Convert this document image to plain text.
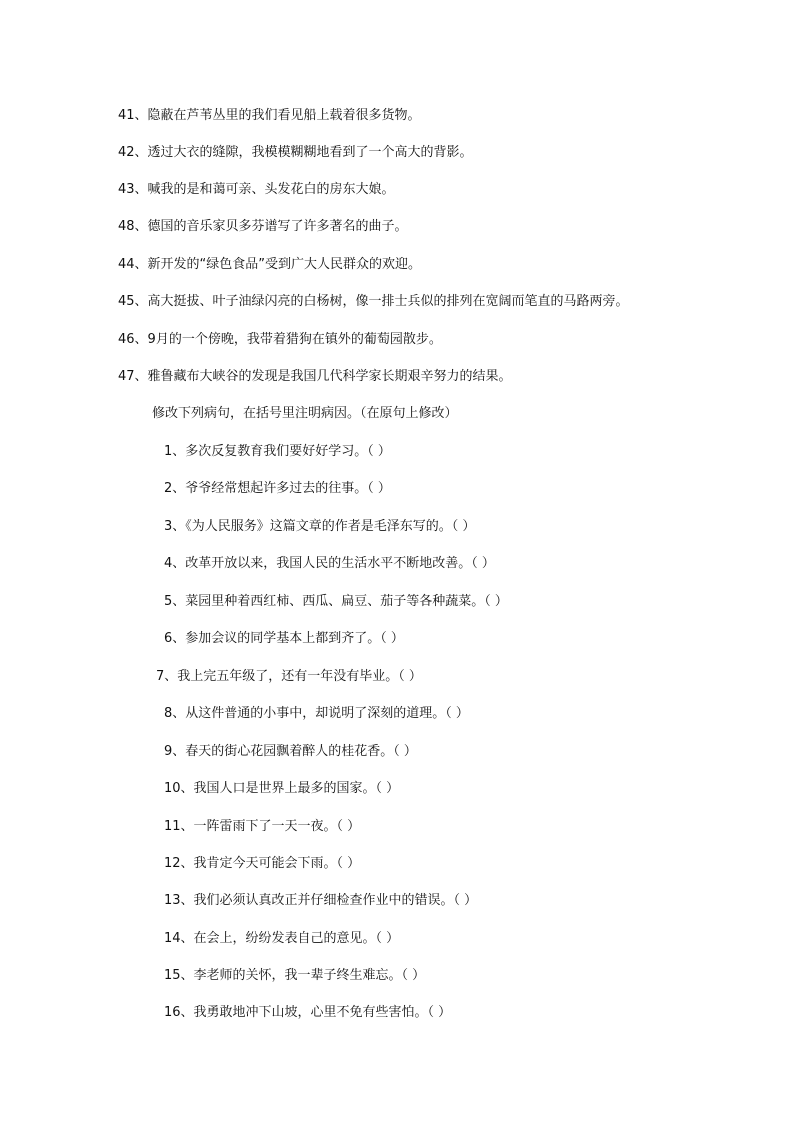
41、隐蔽在芦苇丛里的我们看见船上载着很多货物。
42、透过大衣的缝隙，我模模糊糊地看到了一个高大的背影。
43、喊我的是和蔼可亲、头发花白的房东大娘。
48、德国的音乐家贝多芬谱写了许多著名的曲子。
44、新开发的“绿色食品”受到广大人民群众的欢迎。
45、高大挺拔、叶子油绿闪亮的白杨树，像一排士兵似的排列在宽阔而笔直的马路两旁。
46、9月的一个傍晚，我带着猎狗在镇外的葡萄园散步。
47、雅鲁藏布大峡谷的发现是我国几代科学家长期艰辛努力的结果。
修改下列病句，在括号里注明病因。（在原句上修改）
1、多次反复教育我们要好好学习。（ ）
2、爷爷经常想起许多过去的往事。（ ）
3、《为人民服务》这篇文章的作者是毛泽东写的。（ ）
4、改革开放以来，我国人民的生活水平不断地改善。（ ）
5、菜园里种着西红柿、西瓜、扁豆、茄子等各种蔬菜。（ ）
6、参加会议的同学基本上都到齐了。（ ）
7、我上完五年级了，还有一年没有毕业。（ ）
8、从这件普通的小事中，却说明了深刻的道理。（ ）
9、春天的街心花园飘着醉人的桂花香。（ ）
10、我国人口是世界上最多的国家。（ ）
11、一阵雷雨下了一天一夜。（ ）
12、我肯定今天可能会下雨。（ ）
13、我们必须认真改正并仔细检查作业中的错误。（ ）
14、在会上，纷纷发表自己的意见。（ ）
15、李老师的关怀，我一辈子终生难忘。（ ）
16、我勇敢地冲下山坡，心里不免有些害怕。（ ）
